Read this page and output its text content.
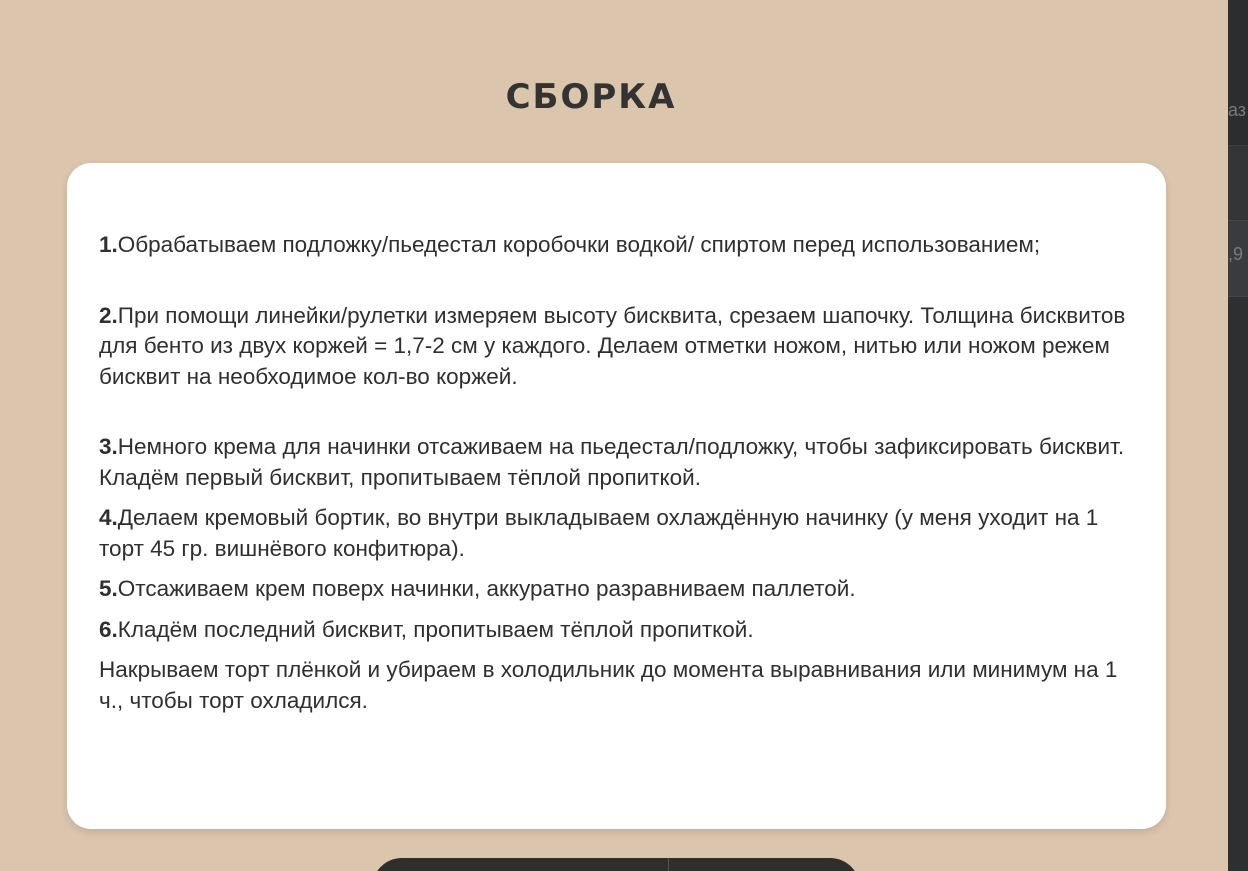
СБОРКА

1.Обрабатываем подложку/пьедестал коробочки водкой/ спиртом перед использованием;

2.При помощи линейки/рулетки измеряем высоту бисквита, срезаем шапочку. Толщина бисквитов для бенто из двух коржей = 1,7-2 см у каждого. Делаем отметки ножом, нитью или ножом режем бисквит на необходимое кол-во коржей.

3.Немного крема для начинки отсаживаем на пьедестал/подложку, чтобы зафиксировать бисквит. Кладём первый бисквит, пропитываем тёплой пропиткой.

4.Делаем кремовый бортик, во внутри выкладываем охлаждённую начинку (у меня уходит на 1 торт 45 гр. вишнёвого конфитюра).

5.Отсаживаем крем поверх начинки, аккуратно разравниваем паллетой.

6.Кладём последний бисквит, пропитываем тёплой пропиткой.

Накрываем торт плёнкой и убираем в холодильник до момента выравнивания или минимум на 1 ч., чтобы торт охладился.

аз
,9
